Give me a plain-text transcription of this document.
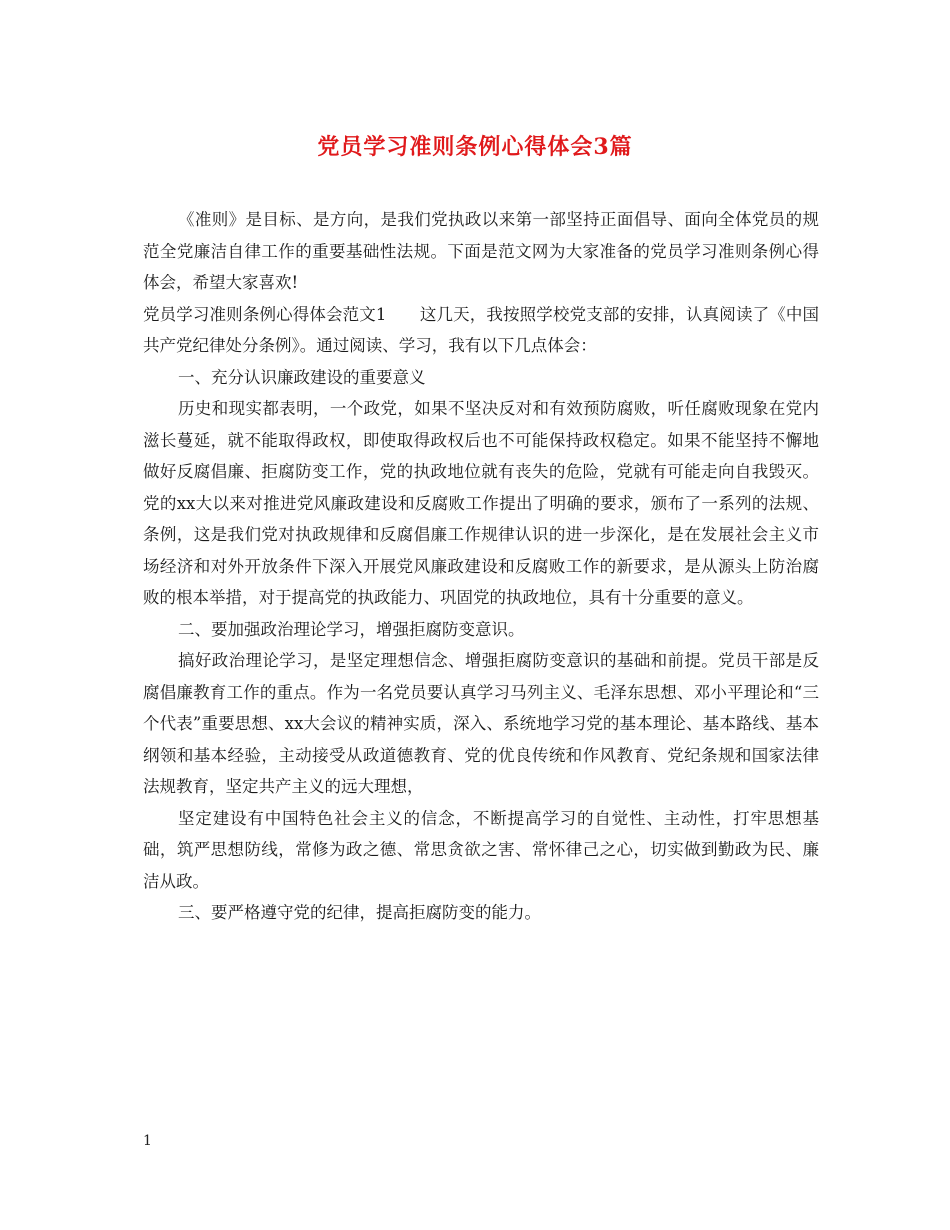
党员学习准则条例心得体会3篇

《准则》是目标、是方向，是我们党执政以来第一部坚持正面倡导、面向全体党员的规范全党廉洁自律工作的重要基础性法规。下面是范文网为大家准备的党员学习准则条例心得体会，希望大家喜欢!

党员学习准则条例心得体会范文1　　这几天，我按照学校党支部的安排，认真阅读了《中国共产党纪律处分条例》。通过阅读、学习，我有以下几点体会：

一、充分认识廉政建设的重要意义

历史和现实都表明，一个政党，如果不坚决反对和有效预防腐败，听任腐败现象在党内滋长蔓延，就不能取得政权，即使取得政权后也不可能保持政权稳定。如果不能坚持不懈地做好反腐倡廉、拒腐防变工作，党的执政地位就有丧失的危险，党就有可能走向自我毁灭。党的xx大以来对推进党风廉政建设和反腐败工作提出了明确的要求，颁布了一系列的法规、条例，这是我们党对执政规律和反腐倡廉工作规律认识的进一步深化，是在发展社会主义市场经济和对外开放条件下深入开展党风廉政建设和反腐败工作的新要求，是从源头上防治腐败的根本举措，对于提高党的执政能力、巩固党的执政地位，具有十分重要的意义。

二、要加强政治理论学习，增强拒腐防变意识。

搞好政治理论学习，是坚定理想信念、增强拒腐防变意识的基础和前提。党员干部是反腐倡廉教育工作的重点。作为一名党员要认真学习马列主义、毛泽东思想、邓小平理论和“三个代表”重要思想、xx大会议的精神实质，深入、系统地学习党的基本理论、基本路线、基本纲领和基本经验，主动接受从政道德教育、党的优良传统和作风教育、党纪条规和国家法律法规教育，坚定共产主义的远大理想，

坚定建设有中国特色社会主义的信念，不断提高学习的自觉性、主动性，打牢思想基础，筑严思想防线，常修为政之德、常思贪欲之害、常怀律己之心，切实做到勤政为民、廉洁从政。

三、要严格遵守党的纪律，提高拒腐防变的能力。

1
